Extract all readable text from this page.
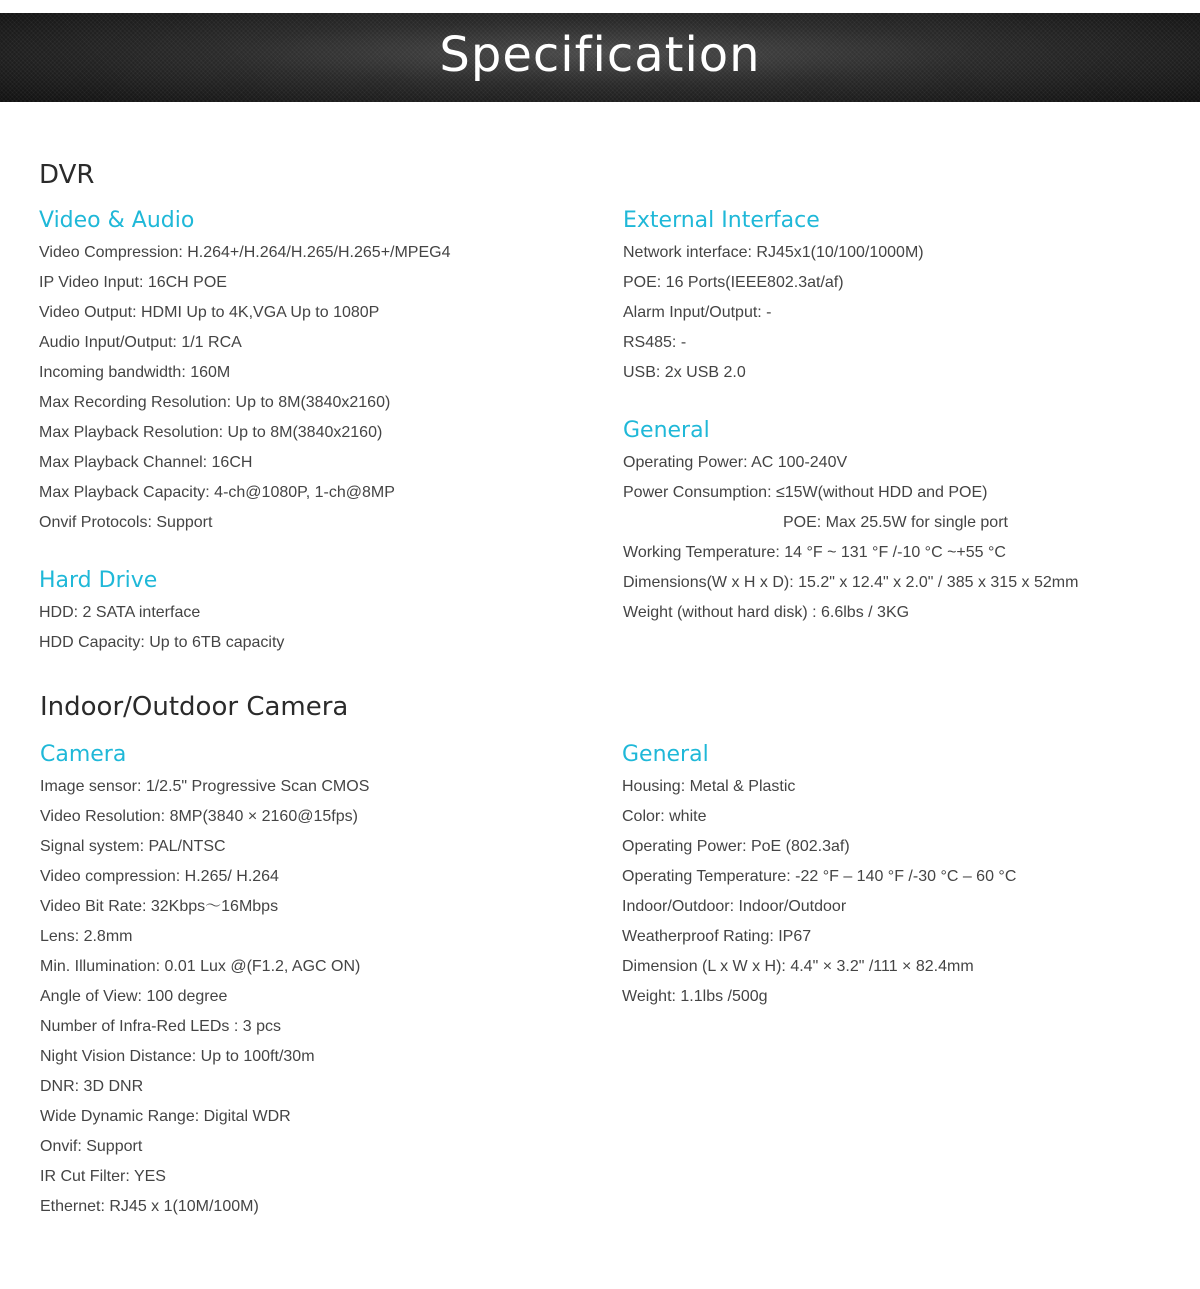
Specification
DVR
Video & Audio
Video Compression: H.264+/H.264/H.265/H.265+/MPEG4
IP Video Input: 16CH POE
Video Output: HDMI Up to 4K,VGA Up to 1080P
Audio Input/Output: 1/1 RCA
Incoming bandwidth: 160M
Max Recording Resolution: Up to 8M(3840x2160)
Max Playback Resolution: Up to 8M(3840x2160)
Max Playback Channel: 16CH
Max Playback Capacity: 4-ch@1080P, 1-ch@8MP
Onvif Protocols: Support
Hard Drive
HDD: 2 SATA interface
HDD Capacity: Up to 6TB capacity
External Interface
Network interface: RJ45x1(10/100/1000M)
POE: 16 Ports(IEEE802.3at/af)
Alarm Input/Output: -
RS485: -
USB: 2x USB 2.0
General
Operating Power: AC 100-240V
Power Consumption: ≤15W(without HDD and POE)
POE: Max 25.5W for single port
Working Temperature: 14 °F ~ 131 °F /-10 °C ~+55 °C
Dimensions(W x H x D): 15.2" x 12.4" x 2.0" / 385 x 315 x 52mm
Weight (without hard disk) : 6.6lbs / 3KG
Indoor/Outdoor Camera
Camera
Image sensor: 1/2.5" Progressive Scan CMOS
Video Resolution: 8MP(3840 × 2160@15fps)
Signal system: PAL/NTSC
Video compression: H.265/ H.264
Video Bit Rate: 32Kbps～16Mbps
Lens: 2.8mm
Min. Illumination: 0.01 Lux @(F1.2, AGC ON)
Angle of View: 100 degree
Number of Infra-Red LEDs : 3 pcs
Night Vision Distance: Up to 100ft/30m
DNR: 3D DNR
Wide Dynamic Range: Digital WDR
Onvif: Support
IR Cut Filter: YES
Ethernet: RJ45 x 1(10M/100M)
General
Housing: Metal & Plastic
Color: white
Operating Power: PoE (802.3af)
Operating Temperature: -22 °F – 140 °F /-30 °C – 60 °C
Indoor/Outdoor: Indoor/Outdoor
Weatherproof Rating: IP67
Dimension (L x W x H): 4.4" × 3.2" /111 × 82.4mm
Weight: 1.1lbs /500g
